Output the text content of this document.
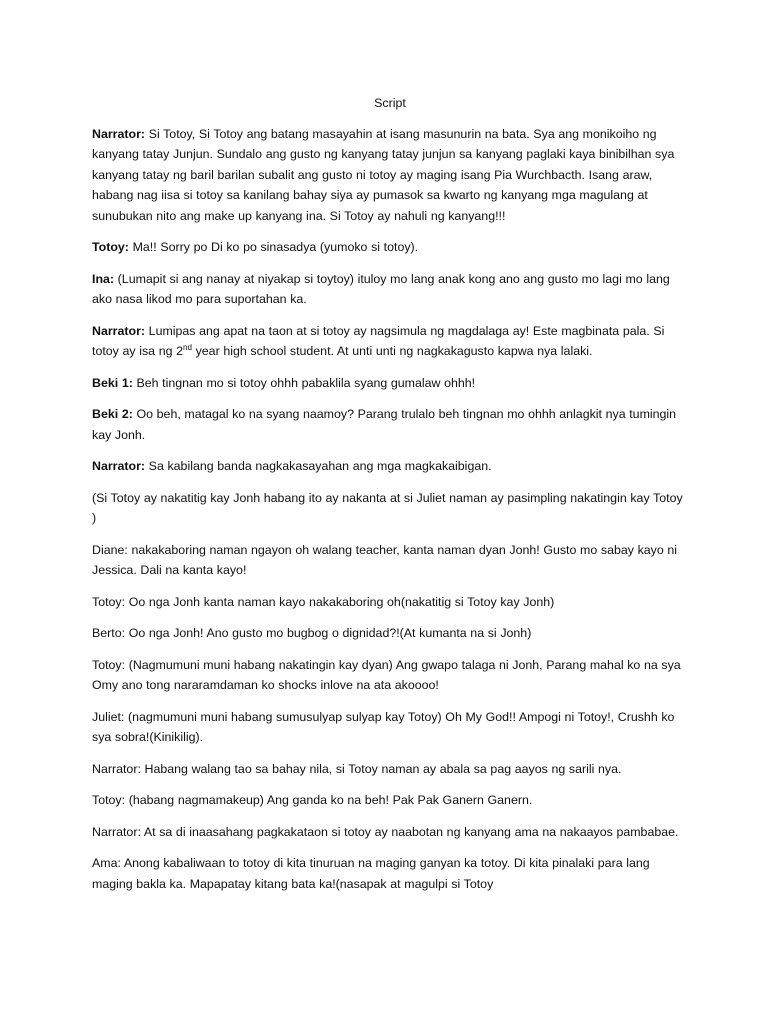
Script

Narrator: Si Totoy, Si Totoy ang batang masayahin at isang masunurin na bata. Sya ang monikoiho ng kanyang tatay Junjun. Sundalo ang gusto ng kanyang tatay junjun sa kanyang paglaki kaya binibilhan sya kanyang tatay ng baril barilan subalit ang gusto ni totoy ay maging isang Pia Wurchbacth. Isang araw, habang nag iisa si totoy sa kanilang bahay siya ay pumasok sa kwarto ng kanyang mga magulang at sunubukan nito ang make up kanyang ina. Si Totoy ay nahuli ng kanyang!!!

Totoy: Ma!! Sorry po Di ko po sinasadya (yumoko si totoy).

Ina: (Lumapit si ang nanay at niyakap si toytoy) ituloy mo lang anak kong ano ang gusto mo lagi mo lang ako nasa likod mo para suportahan ka.

Narrator: Lumipas ang apat na taon at si totoy ay nagsimula ng magdalaga ay! Este magbinata pala. Si totoy ay isa ng 2nd year high school student. At unti unti ng nagkakagusto kapwa nya lalaki.

Beki 1: Beh tingnan mo si totoy ohhh pabaklila syang gumalaw ohhh!

Beki 2: Oo beh, matagal ko na syang naamoy? Parang trulalo beh tingnan mo ohhh anlagkit nya tumingin kay Jonh.

Narrator: Sa kabilang banda nagkakasayahan ang mga magkakaibigan.

(Si Totoy ay nakatitig kay Jonh habang ito ay nakanta at si Juliet naman ay pasimpling nakatingin kay Totoy )

Diane: nakakaboring naman ngayon oh walang teacher, kanta naman dyan Jonh! Gusto mo sabay kayo ni Jessica. Dali na kanta kayo!

Totoy: Oo nga Jonh kanta naman kayo nakakaboring oh(nakatitig si Totoy kay Jonh)

Berto: Oo nga Jonh! Ano gusto mo bugbog o dignidad?!(At kumanta na si Jonh)

Totoy: (Nagmumuni muni habang nakatingin kay dyan) Ang gwapo talaga ni Jonh, Parang mahal ko na sya Omy ano tong nararamdaman ko shocks inlove na ata akoooo!

Juliet: (nagmumuni muni habang sumusulyap sulyap kay Totoy) Oh My God!! Ampogi ni Totoy!, Crushh ko sya sobra!(Kinikilig).

Narrator: Habang walang tao sa bahay nila, si Totoy naman ay abala sa pag aayos ng sarili nya.

Totoy: (habang nagmamakeup) Ang ganda ko na beh! Pak Pak Ganern Ganern.

Narrator: At sa di inaasahang pagkakataon si totoy ay naabotan ng kanyang ama na nakaayos pambabae.

Ama: Anong kabaliwaan to totoy di kita tinuruan na maging ganyan ka totoy. Di kita pinalaki para lang maging bakla ka. Mapapatay kitang bata ka!(nasapak at magulpi si Totoy
